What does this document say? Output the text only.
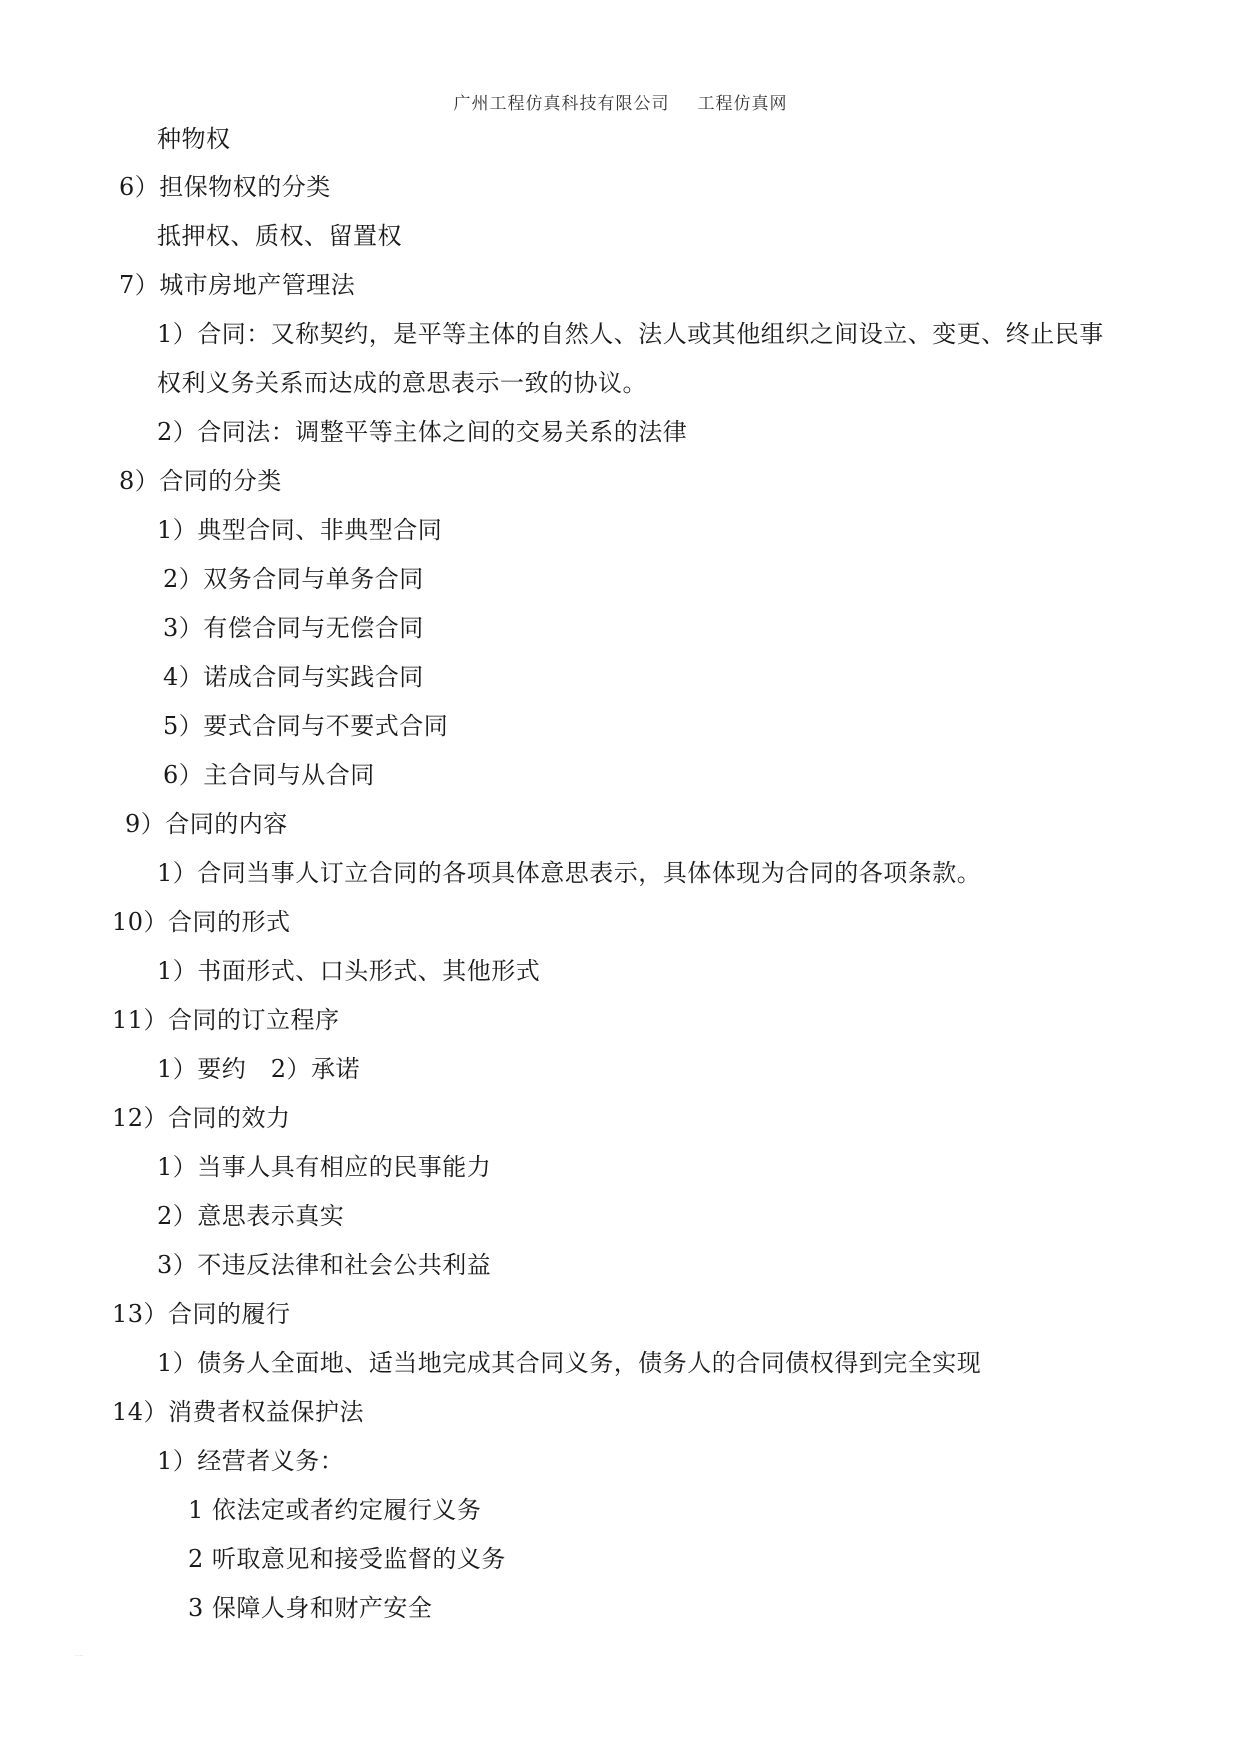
广州工程仿真科技有限公司 工程仿真网
种物权
6）担保物权的分类
抵押权、质权、留置权
7）城市房地产管理法
1）合同：又称契约，是平等主体的自然人、法人或其他组织之间设立、变更、终止民事
权利义务关系而达成的意思表示一致的协议。
2）合同法：调整平等主体之间的交易关系的法律
8）合同的分类
1）典型合同、非典型合同
2）双务合同与单务合同
3）有偿合同与无偿合同
4）诺成合同与实践合同
5）要式合同与不要式合同
6）主合同与从合同
9）合同的内容
1）合同当事人订立合同的各项具体意思表示，具体体现为合同的各项条款。
10）合同的形式
1）书面形式、口头形式、其他形式
11）合同的订立程序
1）要约　2）承诺
12）合同的效力
1）当事人具有相应的民事能力
2）意思表示真实
3）不违反法律和社会公共利益
13）合同的履行
1）债务人全面地、适当地完成其合同义务，债务人的合同债权得到完全实现
14）消费者权益保护法
1）经营者义务：
1 依法定或者约定履行义务
2 听取意见和接受监督的义务
3 保障人身和财产安全
····
